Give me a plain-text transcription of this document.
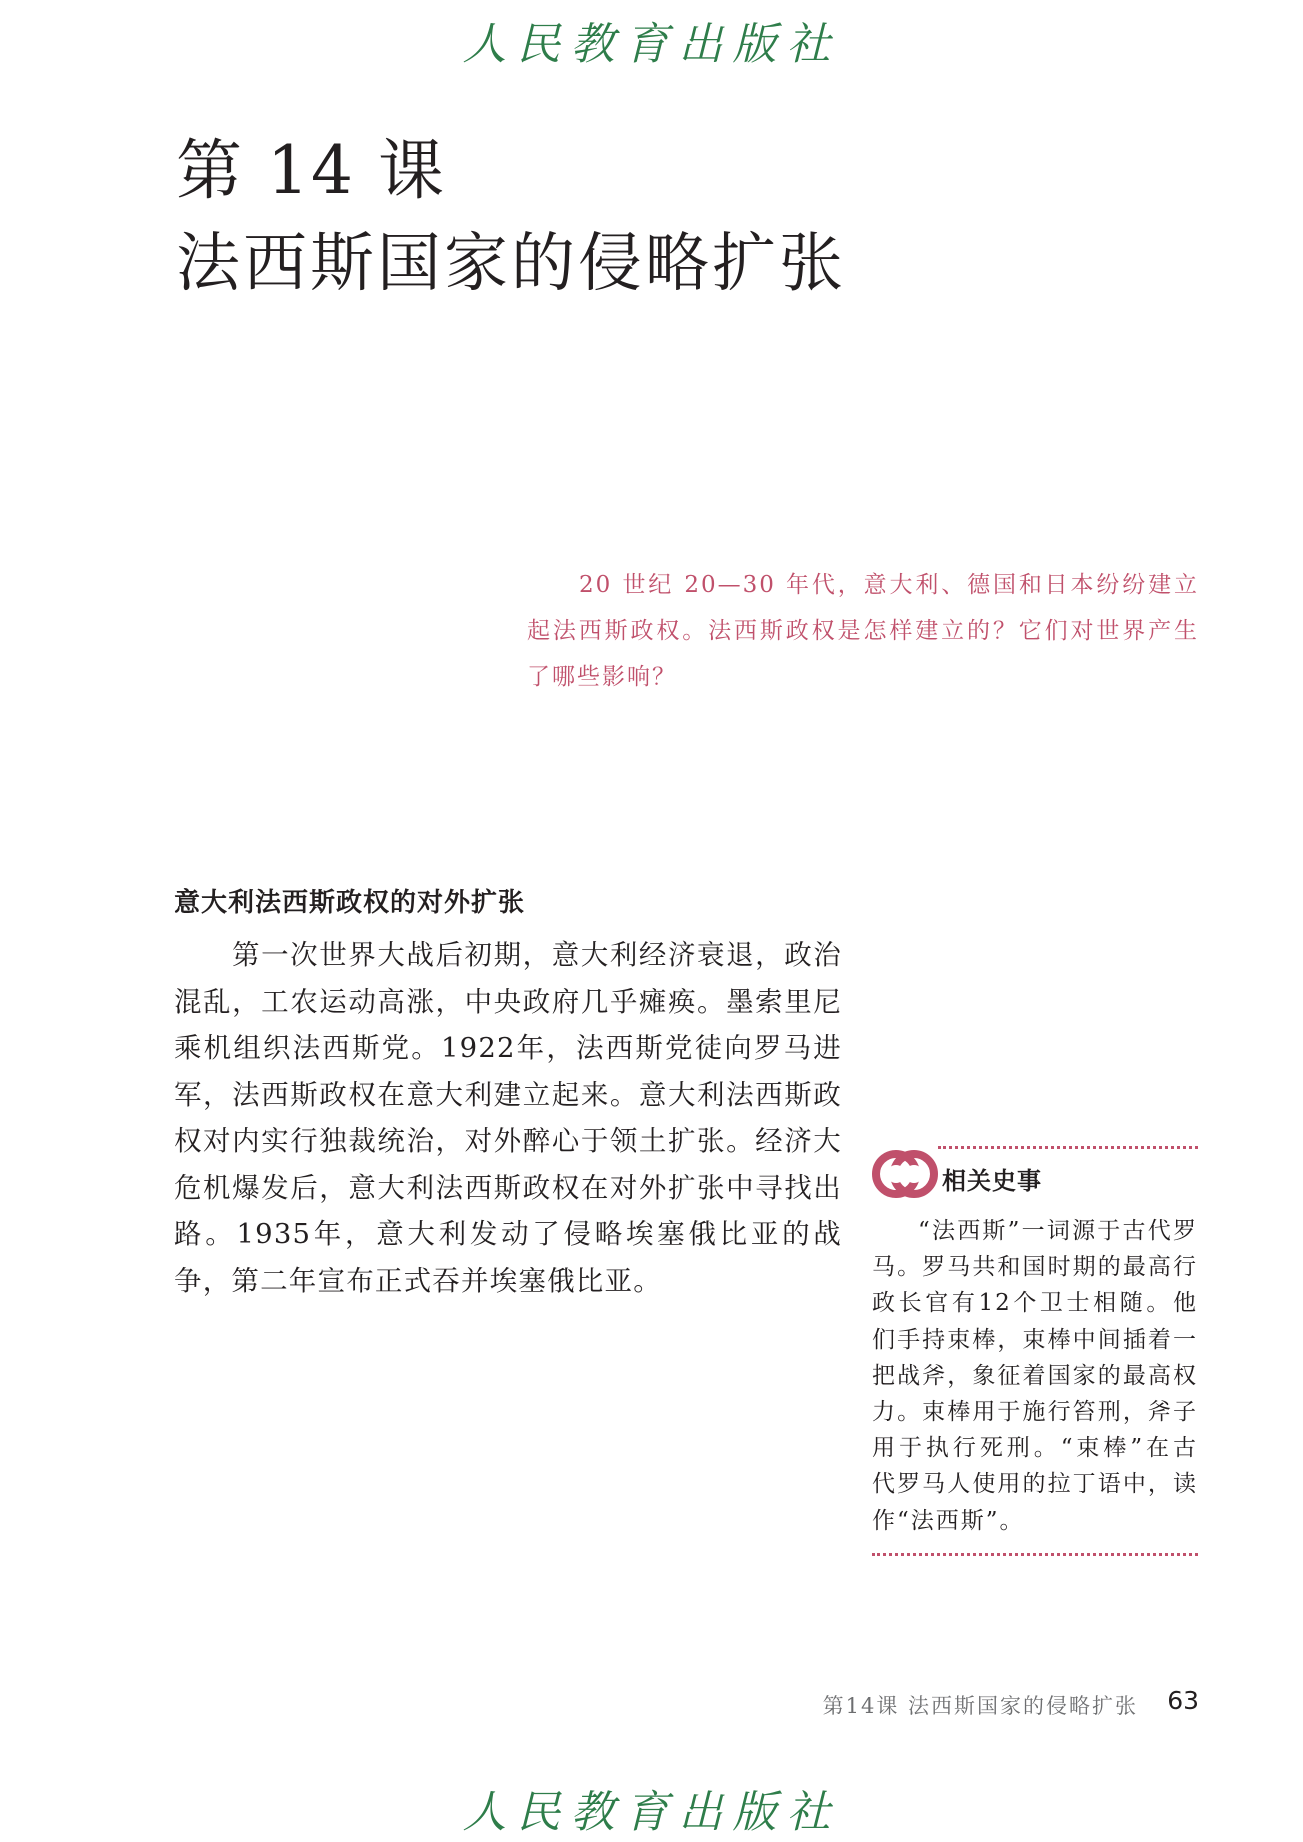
人民教育出版社
第 14 课
法西斯国家的侵略扩张
20 世纪 20—30 年代，意大利、德国和日本纷纷建立起法西斯政权。法西斯政权是怎样建立的？它们对世界产生了哪些影响？
意大利法西斯政权的对外扩张
第一次世界大战后初期，意大利经济衰退，政治混乱，工农运动高涨，中央政府几乎瘫痪。墨索里尼乘机组织法西斯党。1922年，法西斯党徒向罗马进军，法西斯政权在意大利建立起来。意大利法西斯政权对内实行独裁统治，对外醉心于领土扩张。经济大危机爆发后，意大利法西斯政权在对外扩张中寻找出路。1935年，意大利发动了侵略埃塞俄比亚的战争，第二年宣布正式吞并埃塞俄比亚。
相关史事
“法西斯”一词源于古代罗马。罗马共和国时期的最高行政长官有12个卫士相随。他们手持束棒，束棒中间插着一把战斧，象征着国家的最高权力。束棒用于施行笞刑，斧子用于执行死刑。“束棒”在古代罗马人使用的拉丁语中，读作“法西斯”。
第14课 法西斯国家的侵略扩张 63
人民教育出版社
